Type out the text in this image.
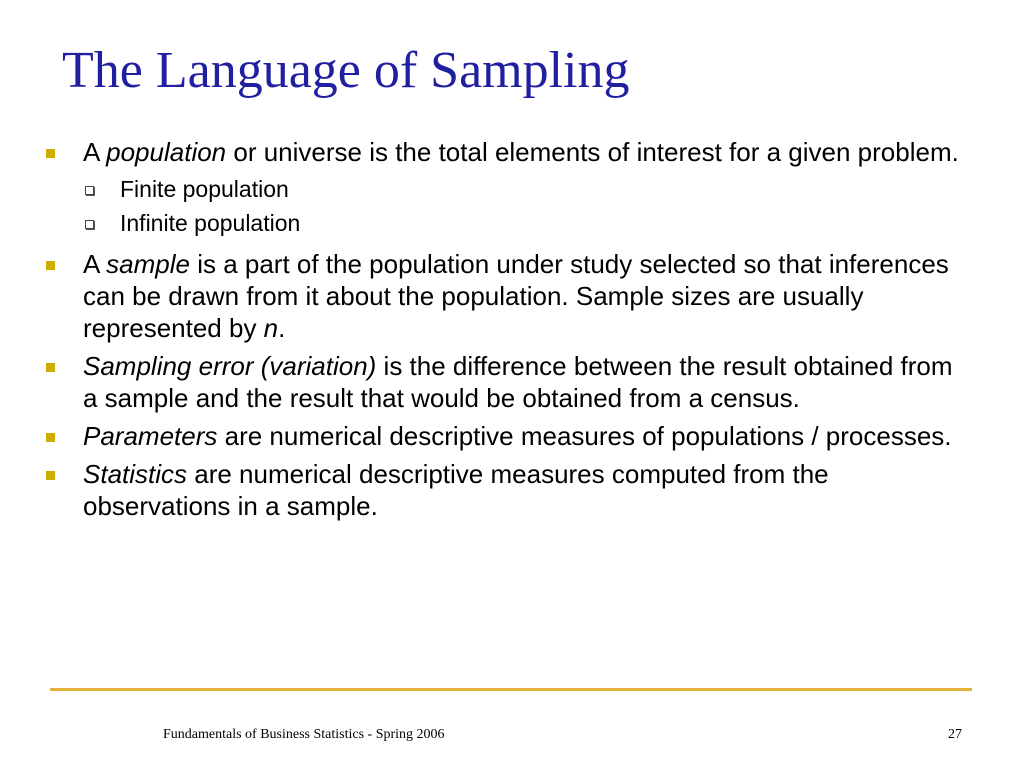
The Language of Sampling
A population or universe is the total elements of interest for a given problem.
Finite population
Infinite population
A sample is a part of the population under study selected so that inferences can be drawn from it about the population. Sample sizes are usually represented by n.
Sampling error (variation) is the difference between the result obtained from a sample and the result that would be obtained from a census.
Parameters are numerical descriptive measures of populations / processes.
Statistics are numerical descriptive measures computed from the observations in a sample.
Fundamentals of Business Statistics - Spring 2006	27
